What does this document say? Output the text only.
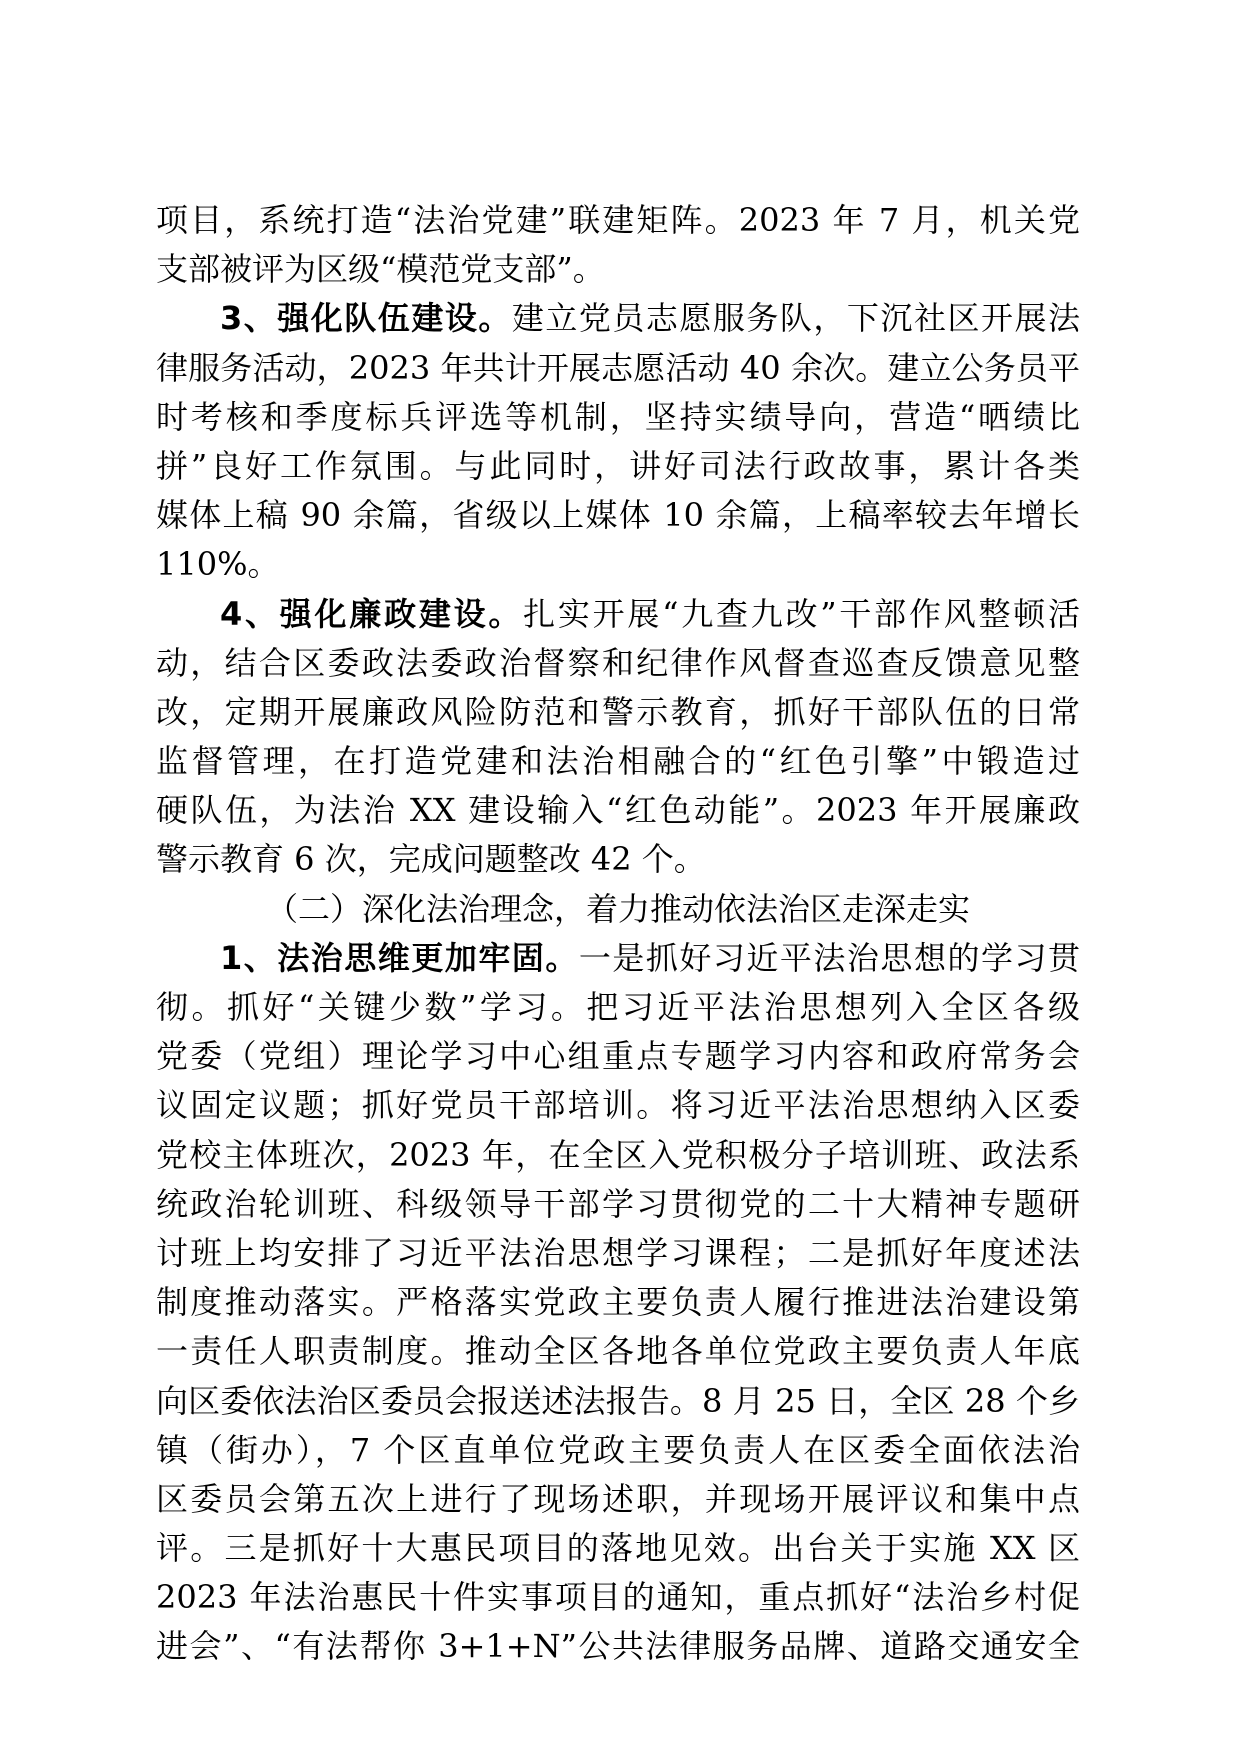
项目，系统打造“法治党建”联建矩阵。2023 年 7 月，机关党
支部被评为区级“模范党支部”。
3、强化队伍建设。建立党员志愿服务队，下沉社区开展法
律服务活动，2023 年共计开展志愿活动 40 余次。建立公务员平
时考核和季度标兵评选等机制，坚持实绩导向，营造“晒绩比
拼”良好工作氛围。与此同时，讲好司法行政故事，累计各类
媒体上稿 90 余篇，省级以上媒体 10 余篇，上稿率较去年增长
110%。
4、强化廉政建设。扎实开展“九查九改”干部作风整顿活
动，结合区委政法委政治督察和纪律作风督查巡查反馈意见整
改，定期开展廉政风险防范和警示教育，抓好干部队伍的日常
监督管理，在打造党建和法治相融合的“红色引擎”中锻造过
硬队伍，为法治 XX 建设输入“红色动能”。2023 年开展廉政
警示教育 6 次，完成问题整改 42 个。
（二）深化法治理念，着力推动依法治区走深走实
1、法治思维更加牢固。一是抓好习近平法治思想的学习贯
彻。抓好“关键少数”学习。把习近平法治思想列入全区各级
党委（党组）理论学习中心组重点专题学习内容和政府常务会
议固定议题；抓好党员干部培训。将习近平法治思想纳入区委
党校主体班次，2023 年，在全区入党积极分子培训班、政法系
统政治轮训班、科级领导干部学习贯彻党的二十大精神专题研
讨班上均安排了习近平法治思想学习课程；二是抓好年度述法
制度推动落实。严格落实党政主要负责人履行推进法治建设第
一责任人职责制度。推动全区各地各单位党政主要负责人年底
向区委依法治区委员会报送述法报告。8 月 25 日，全区 28 个乡
镇（街办），7 个区直单位党政主要负责人在区委全面依法治
区委员会第五次上进行了现场述职，并现场开展评议和集中点
评。三是抓好十大惠民项目的落地见效。出台关于实施 XX 区
2023 年法治惠民十件实事项目的通知，重点抓好“法治乡村促
进会”、“有法帮你 3+1+N”公共法律服务品牌、道路交通安全
